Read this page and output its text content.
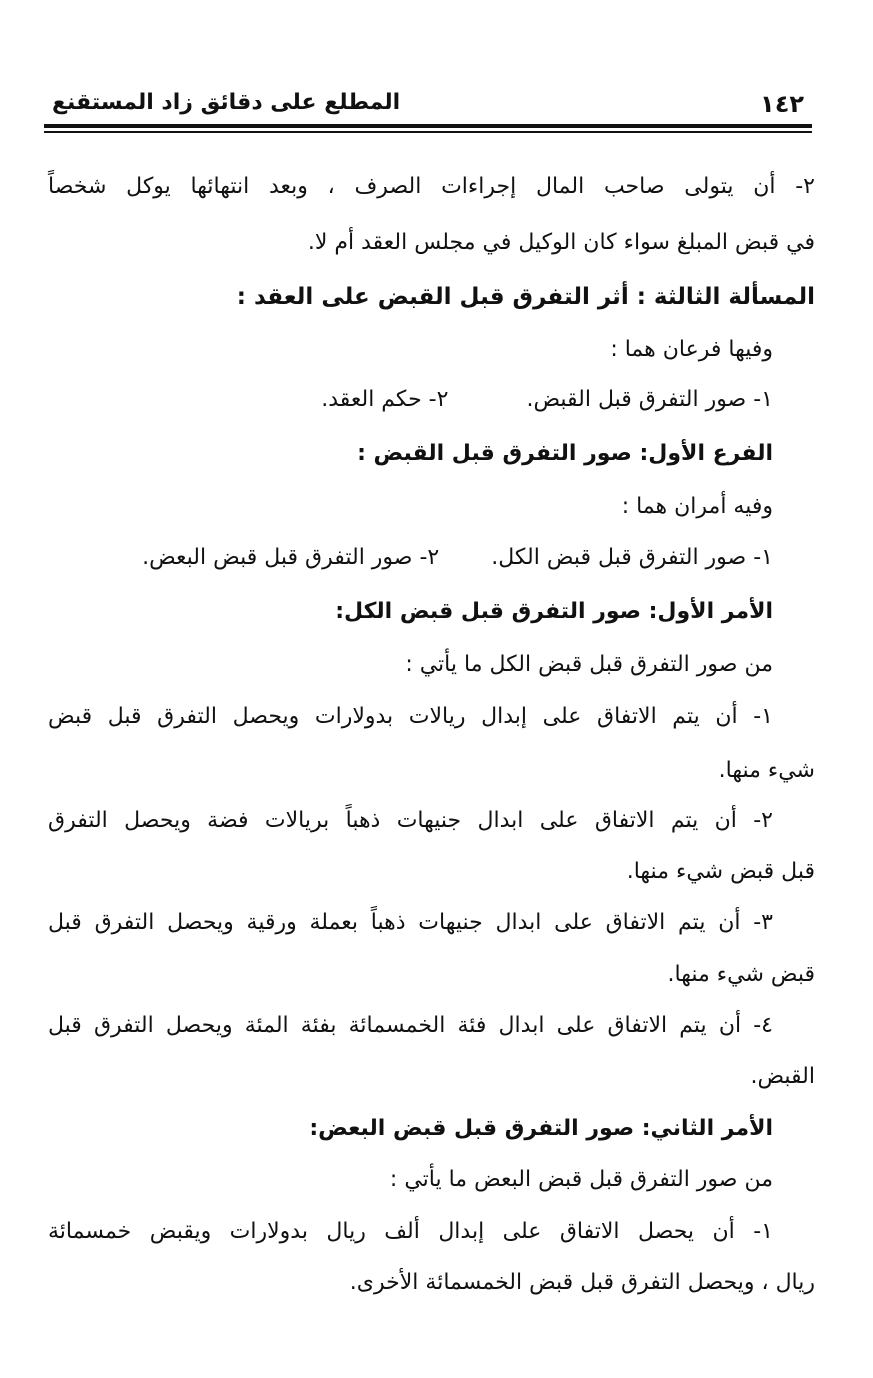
١٤٢
المطلع على دقائق زاد المستقنع
٢- أن يتولى صاحب المال إجراءات الصرف ، وبعد انتهائها يوكل شخصاً
في قبض المبلغ سواء كان الوكيل في مجلس العقد أم لا.
المسألة الثالثة : أثر التفرق قبل القبض على العقد :
وفيها فرعان هما :
١- صور التفرق قبل القبض.٢- حكم العقد.
الفرع الأول: صور التفرق قبل القبض :
وفيه أمران هما :
١- صور التفرق قبل قبض الكل.٢- صور التفرق قبل قبض البعض.
الأمر الأول: صور التفرق قبل قبض الكل:
من صور التفرق قبل قبض الكل ما يأتي :
١- أن يتم الاتفاق على إبدال ريالات بدولارات ويحصل التفرق قبل قبض
شيء منها.
٢- أن يتم الاتفاق على ابدال جنيهات ذهباً بريالات فضة ويحصل التفرق
قبل قبض شيء منها.
٣- أن يتم الاتفاق على ابدال جنيهات ذهباً بعملة ورقية ويحصل التفرق قبل
قبض شيء منها.
٤- أن يتم الاتفاق على ابدال فئة الخمسمائة بفئة المئة ويحصل التفرق قبل
القبض.
الأمر الثاني: صور التفرق قبل قبض البعض:
من صور التفرق قبل قبض البعض ما يأتي :
١- أن يحصل الاتفاق على إبدال ألف ريال بدولارات ويقبض خمسمائة
ريال ، ويحصل التفرق قبل قبض الخمسمائة الأخرى.
